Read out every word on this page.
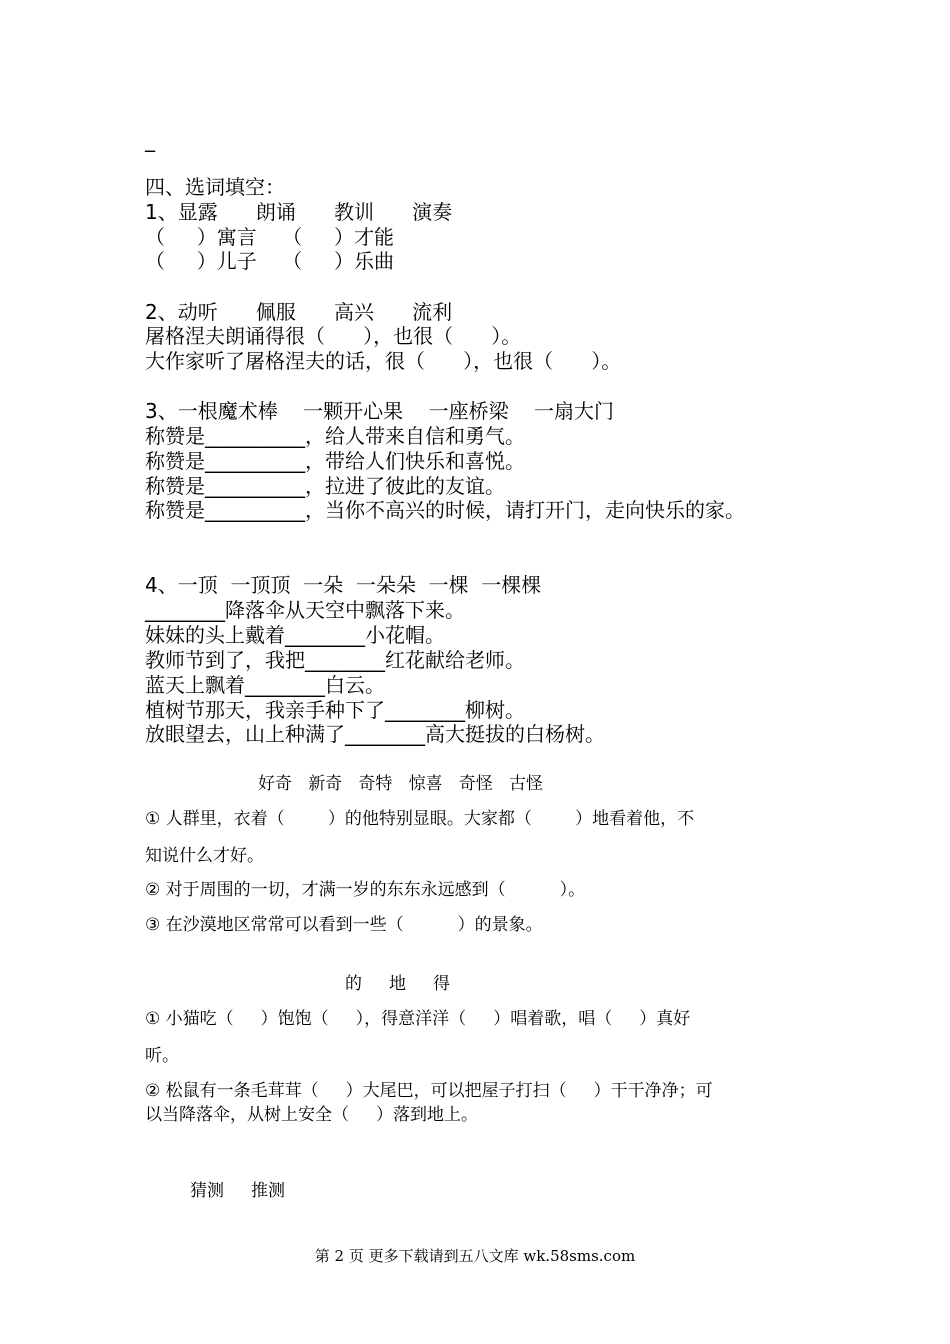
_
四、选词填空：
1、显露      朗诵      教训      演奏
（     ）寓言    （     ）才能
（     ）儿子    （     ）乐曲
2、动听      佩服      高兴      流利
屠格涅夫朗诵得很（      ），也很（      ）。
大作家听了屠格涅夫的话，很（      ），也很（      ）。
3、一根魔术棒    一颗开心果    一座桥梁    一扇大门
称赞是__________，给人带来自信和勇气。
称赞是__________，带给人们快乐和喜悦。
称赞是__________，拉进了彼此的友谊。
称赞是__________，当你不高兴的时候，请打开门，走向快乐的家。
4、一顶  一顶顶  一朵  一朵朵  一棵  一棵棵
________降落伞从天空中飘落下来。
妹妹的头上戴着________小花帽。
教师节到了，我把________红花献给老师。
蓝天上飘着________白云。
植树节那天，我亲手种下了________柳树。
放眼望去，山上种满了________高大挺拔的白杨树。
好奇   新奇   奇特   惊喜   奇怪   古怪
① 人群里，衣着（        ）的他特别显眼。大家都（        ）地看着他，不
知说什么才好。
② 对于周围的一切，才满一岁的东东永远感到（          ）。
③ 在沙漠地区常常可以看到一些（          ）的景象。
的     地     得
① 小猫吃（     ）饱饱（     ），得意洋洋（     ）唱着歌，唱（     ）真好
听。
② 松鼠有一条毛茸茸（     ）大尾巴，可以把屋子打扫（     ）干干净净；可
以当降落伞，从树上安全（     ）落到地上。
猜测     推测
第 2 页 更多下载请到五八文库 wk.58sms.com
